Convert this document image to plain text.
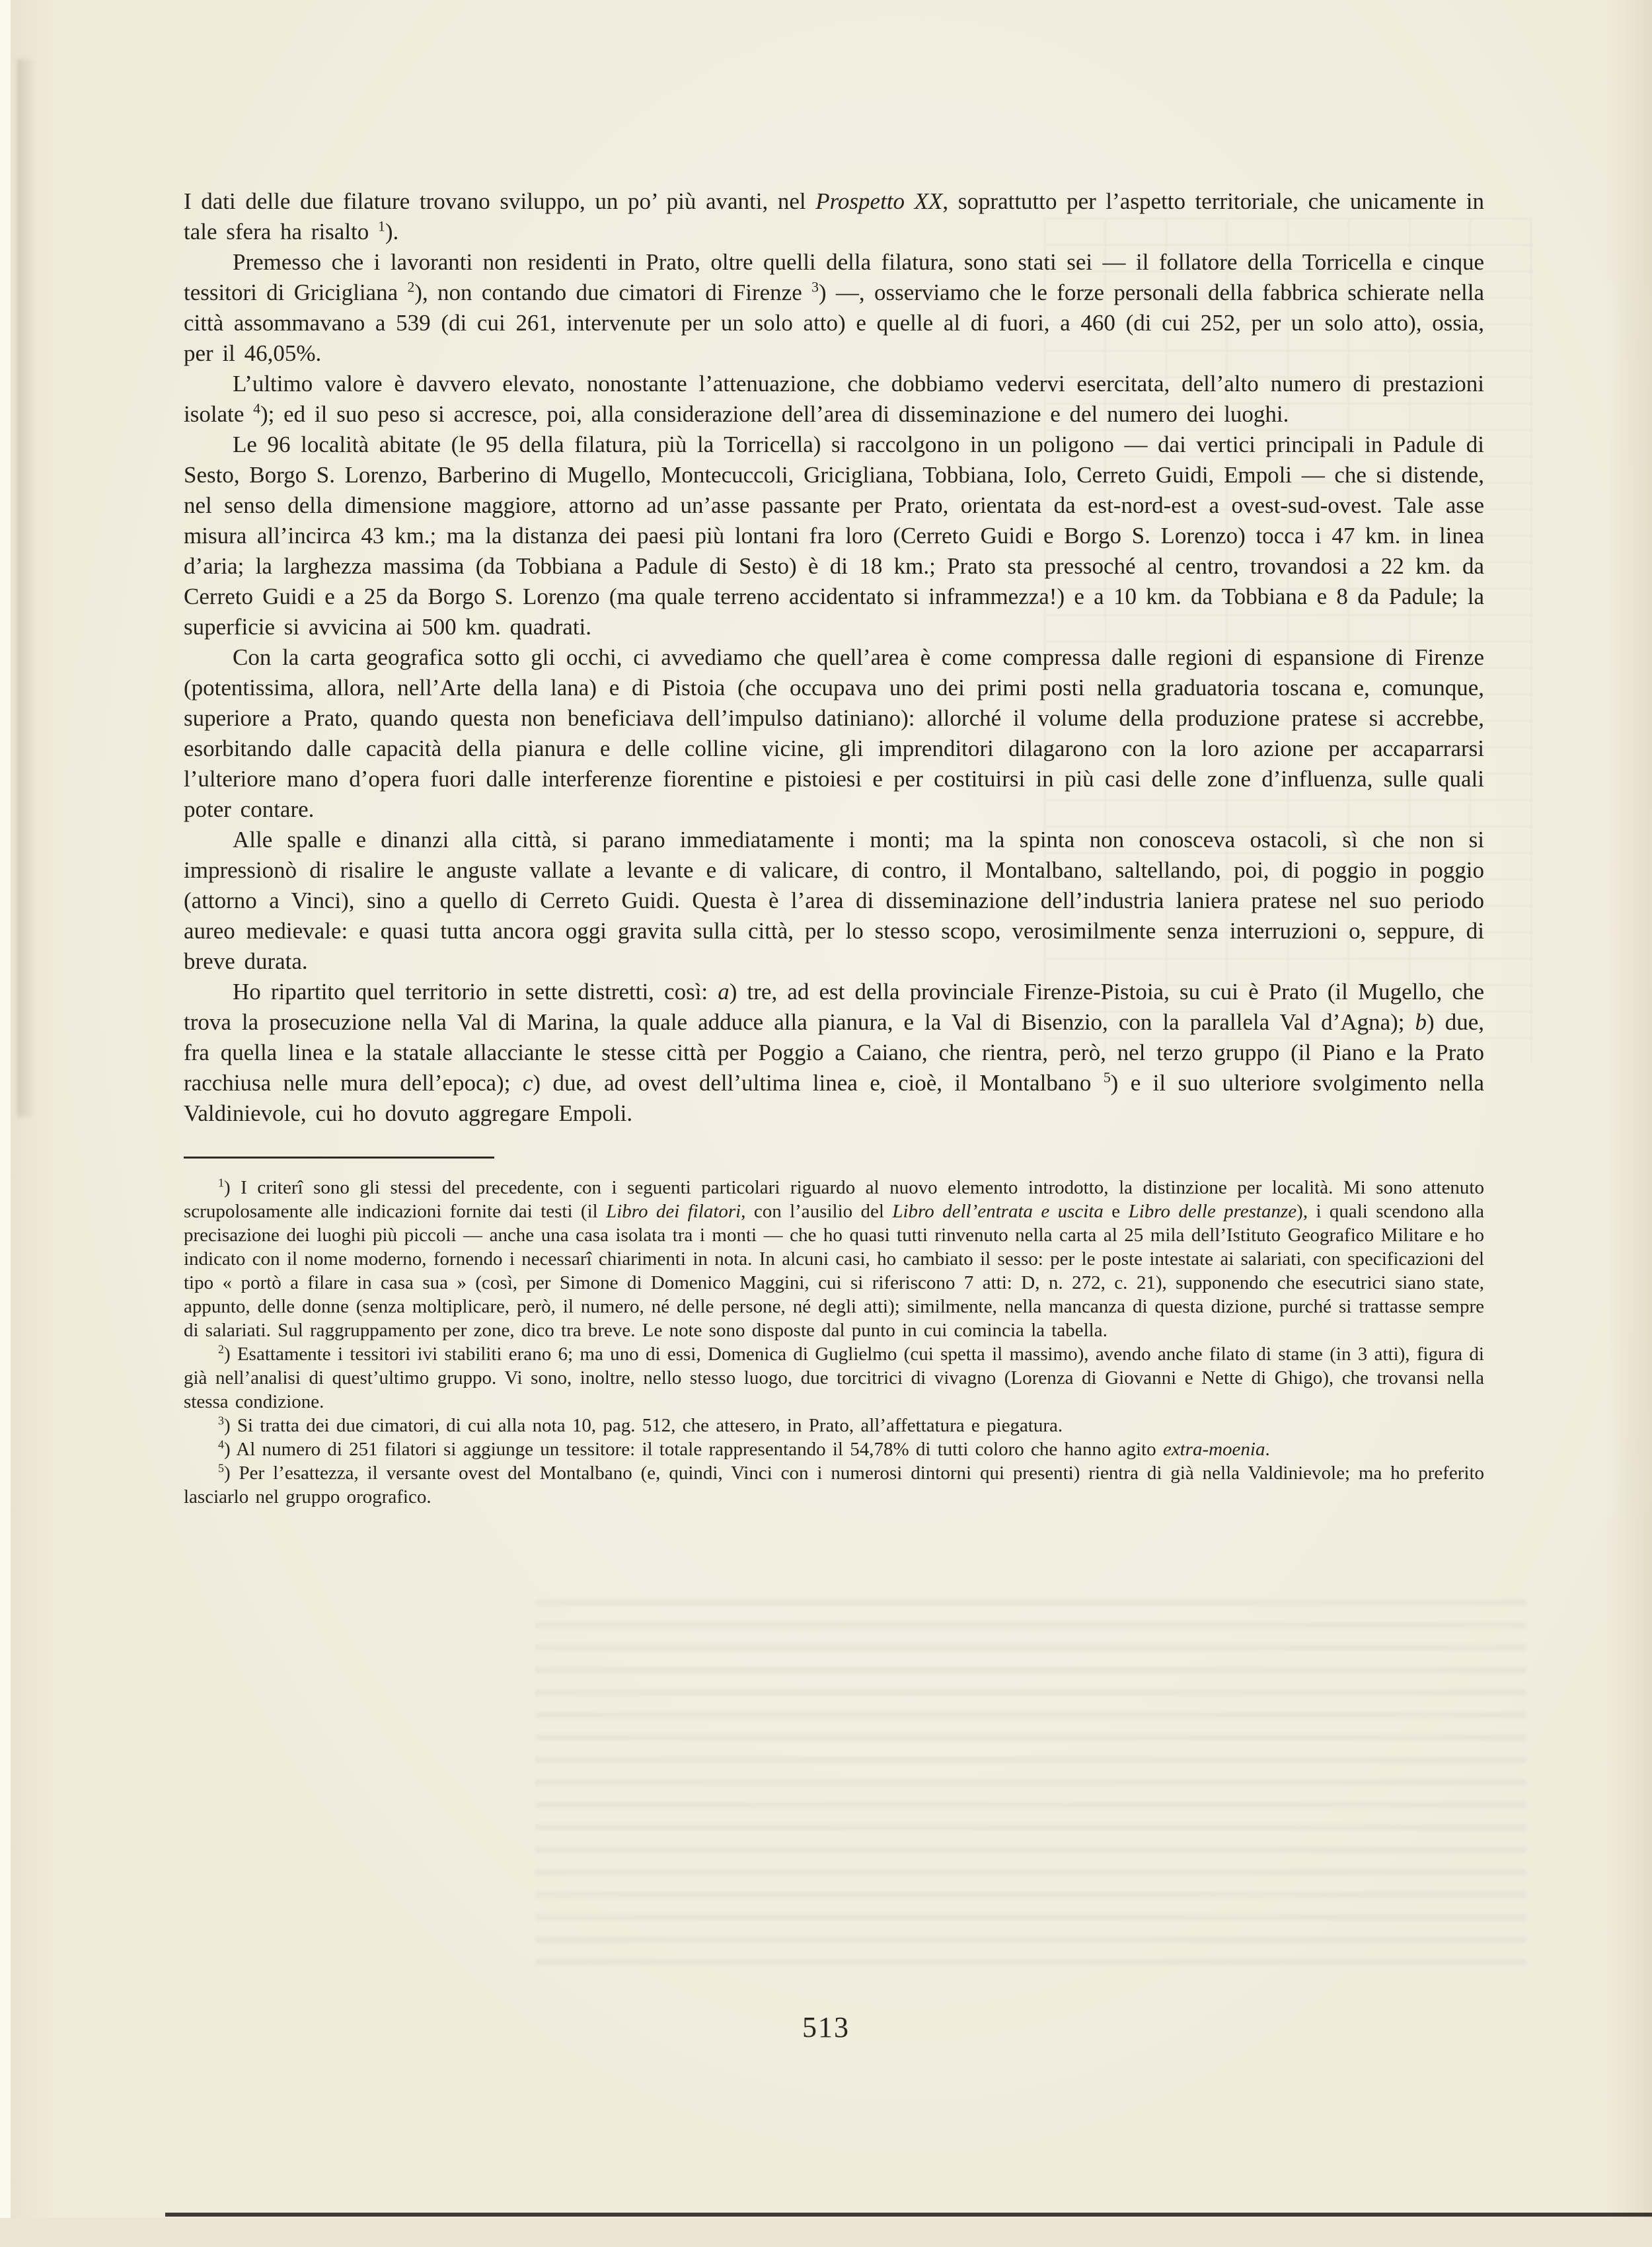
I dati delle due filature trovano sviluppo, un po’ più avanti, nel Prospetto XX, soprattutto per l’aspetto territoriale, che unicamente in tale sfera ha risalto $^1$).

Premesso che i lavoranti non residenti in Prato, oltre quelli della filatura, sono stati sei — il follatore della Torricella e cinque tessitori di Gricigliana $^2$), non contando due cimatori di Firenze $^3$) —, osserviamo che le forze personali della fabbrica schierate nella città assommavano a 539 (di cui 261, intervenute per un solo atto) e quelle al di fuori, a 460 (di cui 252, per un solo atto), ossia, per il 46,05%.

L’ultimo valore è davvero elevato, nonostante l’attenuazione, che dobbiamo vedervi esercitata, dell’alto numero di prestazioni isolate $^4$); ed il suo peso si accresce, poi, alla considerazione dell’area di disseminazione e del numero dei luoghi.

Le 96 località abitate (le 95 della filatura, più la Torricella) si raccolgono in un poligono — dai vertici principali in Padule di Sesto, Borgo S. Lorenzo, Barberino di Mugello, Montecuccoli, Gricigliana, Tobbiana, Iolo, Cerreto Guidi, Empoli — che si distende, nel senso della dimensione maggiore, attorno ad un’asse passante per Prato, orientata da est-nord-est a ovest-sud-ovest. Tale asse misura all’incirca 43 km.; ma la distanza dei paesi più lontani fra loro (Cerreto Guidi e Borgo S. Lorenzo) tocca i 47 km. in linea d’aria; la larghezza massima (da Tobbiana a Padule di Sesto) è di 18 km.; Prato sta pressoché al centro, trovandosi a 22 km. da Cerreto Guidi e a 25 da Borgo S. Lorenzo (ma quale terreno accidentato si inframmezza!) e a 10 km. da Tobbiana e 8 da Padule; la superficie si avvicina ai 500 km. quadrati.

Con la carta geografica sotto gli occhi, ci avvediamo che quell’area è come compressa dalle regioni di espansione di Firenze (potentissima, allora, nell’Arte della lana) e di Pistoia (che occupava uno dei primi posti nella graduatoria toscana e, comunque, superiore a Prato, quando questa non beneficiava dell’impulso datiniano): allorché il volume della produzione pratese si accrebbe, esorbitando dalle capacità della pianura e delle colline vicine, gli imprenditori dilagarono con la loro azione per accaparrarsi l’ulteriore mano d’opera fuori dalle interferenze fiorentine e pistoiesi e per costituirsi in più casi delle zone d’influenza, sulle quali poter contare.

Alle spalle e dinanzi alla città, si parano immediatamente i monti; ma la spinta non conosceva ostacoli, sì che non si impressionò di risalire le anguste vallate a levante e di valicare, di contro, il Montalbano, saltellando, poi, di poggio in poggio (attorno a Vinci), sino a quello di Cerreto Guidi. Questa è l’area di disseminazione dell’industria laniera pratese nel suo periodo aureo medievale: e quasi tutta ancora oggi gravita sulla città, per lo stesso scopo, verosimilmente senza interruzioni o, seppure, di breve durata.

Ho ripartito quel territorio in sette distretti, così: a) tre, ad est della provinciale Firenze-Pistoia, su cui è Prato (il Mugello, che trova la prosecuzione nella Val di Marina, la quale adduce alla pianura, e la Val di Bisenzio, con la parallela Val d’Agna); b) due, fra quella linea e la statale allacciante le stesse città per Poggio a Caiano, che rientra, però, nel terzo gruppo (il Piano e la Prato racchiusa nelle mura dell’epoca); c) due, ad ovest dell’ultima linea e, cioè, il Montalbano $^5$) e il suo ulteriore svolgimento nella Valdinievole, cui ho dovuto aggregare Empoli.

$^1$) I criterî sono gli stessi del precedente, con i seguenti particolari riguardo al nuovo elemento introdotto, la distinzione per località. Mi sono attenuto scrupolosamente alle indicazioni fornite dai testi (il Libro dei filatori, con l’ausilio del Libro dell’entrata e uscita e Libro delle prestanze), i quali scendono alla precisazione dei luoghi più piccoli — anche una casa isolata tra i monti — che ho quasi tutti rinvenuto nella carta al 25 mila dell’Istituto Geografico Militare e ho indicato con il nome moderno, fornendo i necessarî chiarimenti in nota. In alcuni casi, ho cambiato il sesso: per le poste intestate ai salariati, con specificazioni del tipo « portò a filare in casa sua » (così, per Simone di Domenico Maggini, cui si riferiscono 7 atti: D, n. 272, c. 21), supponendo che esecutrici siano state, appunto, delle donne (senza moltiplicare, però, il numero, né delle persone, né degli atti); similmente, nella mancanza di questa dizione, purché si trattasse sempre di salariati. Sul raggruppamento per zone, dico tra breve. Le note sono disposte dal punto in cui comincia la tabella.

$^2$) Esattamente i tessitori ivi stabiliti erano 6; ma uno di essi, Domenica di Guglielmo (cui spetta il massimo), avendo anche filato di stame (in 3 atti), figura di già nell’analisi di quest’ultimo gruppo. Vi sono, inoltre, nello stesso luogo, due torcitrici di vivagno (Lorenza di Giovanni e Nette di Ghigo), che trovansi nella stessa condizione.

$^3$) Si tratta dei due cimatori, di cui alla nota 10, pag. 512, che attesero, in Prato, all’affettatura e piegatura.

$^4$) Al numero di 251 filatori si aggiunge un tessitore: il totale rappresentando il 54,78% di tutti coloro che hanno agito extra-moenia.

$^5$) Per l’esattezza, il versante ovest del Montalbano (e, quindi, Vinci con i numerosi dintorni qui presenti) rientra di già nella Valdinievole; ma ho preferito lasciarlo nel gruppo orografico.

513
